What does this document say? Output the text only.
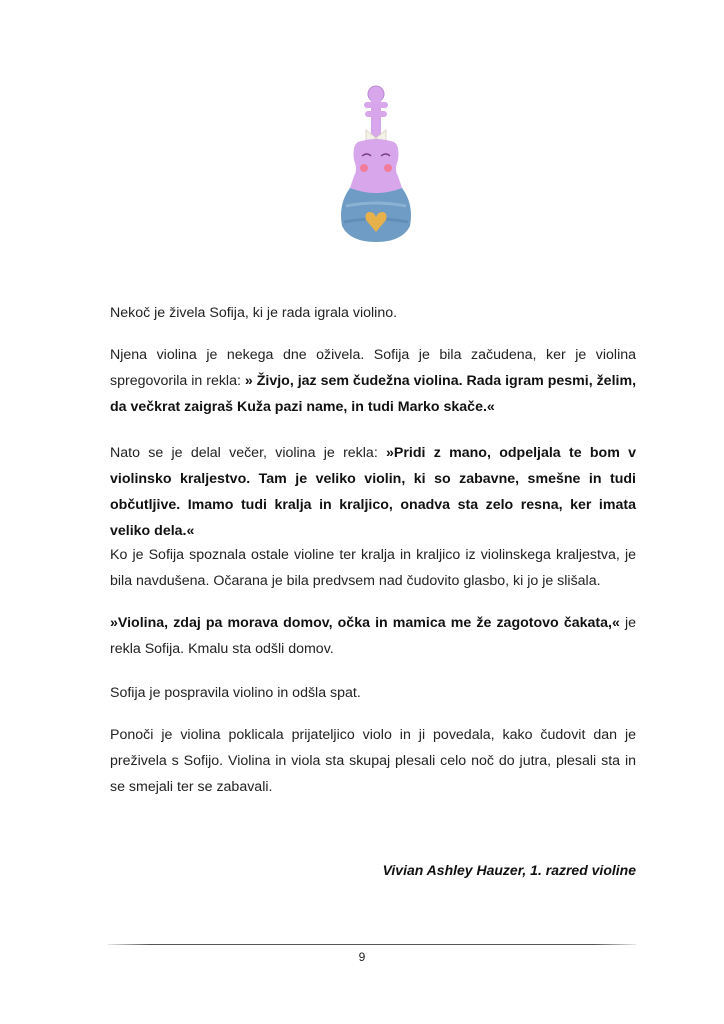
Nekoč je živela Sofija, ki je rada igrala violino.

Njena violina je nekega dne oživela. Sofija je bila začudena, ker je violina spregovorila in rekla: » Živjo, jaz sem čudežna violina. Rada igram pesmi, želim, da večkrat zaigraš Kuža pazi name, in tudi Marko skače.«

Nato se je delal večer, violina je rekla: »Pridi z mano, odpeljala te bom v violinsko kraljestvo. Tam je veliko violin, ki so zabavne, smešne in tudi občutljive. Imamo tudi kralja in kraljico, onadva sta zelo resna, ker imata veliko dela.«

Ko je Sofija spoznala ostale violine ter kralja in kraljico iz violinskega kraljestva, je bila navdušena. Očarana je bila predvsem nad čudovito glasbo, ki jo je slišala.

»Violina, zdaj pa morava domov, očka in mamica me že zagotovo čakata,« je rekla Sofija. Kmalu sta odšli domov.

Sofija je pospravila violino in odšla spat.

Ponoči je violina poklicala prijateljico violo in ji povedala, kako čudovit dan je preživela s Sofijo. Violina in viola sta skupaj plesali celo noč do jutra, plesali sta in se smejali ter se zabavali.

Vivian Ashley Hauzer, 1. razred violine
9
